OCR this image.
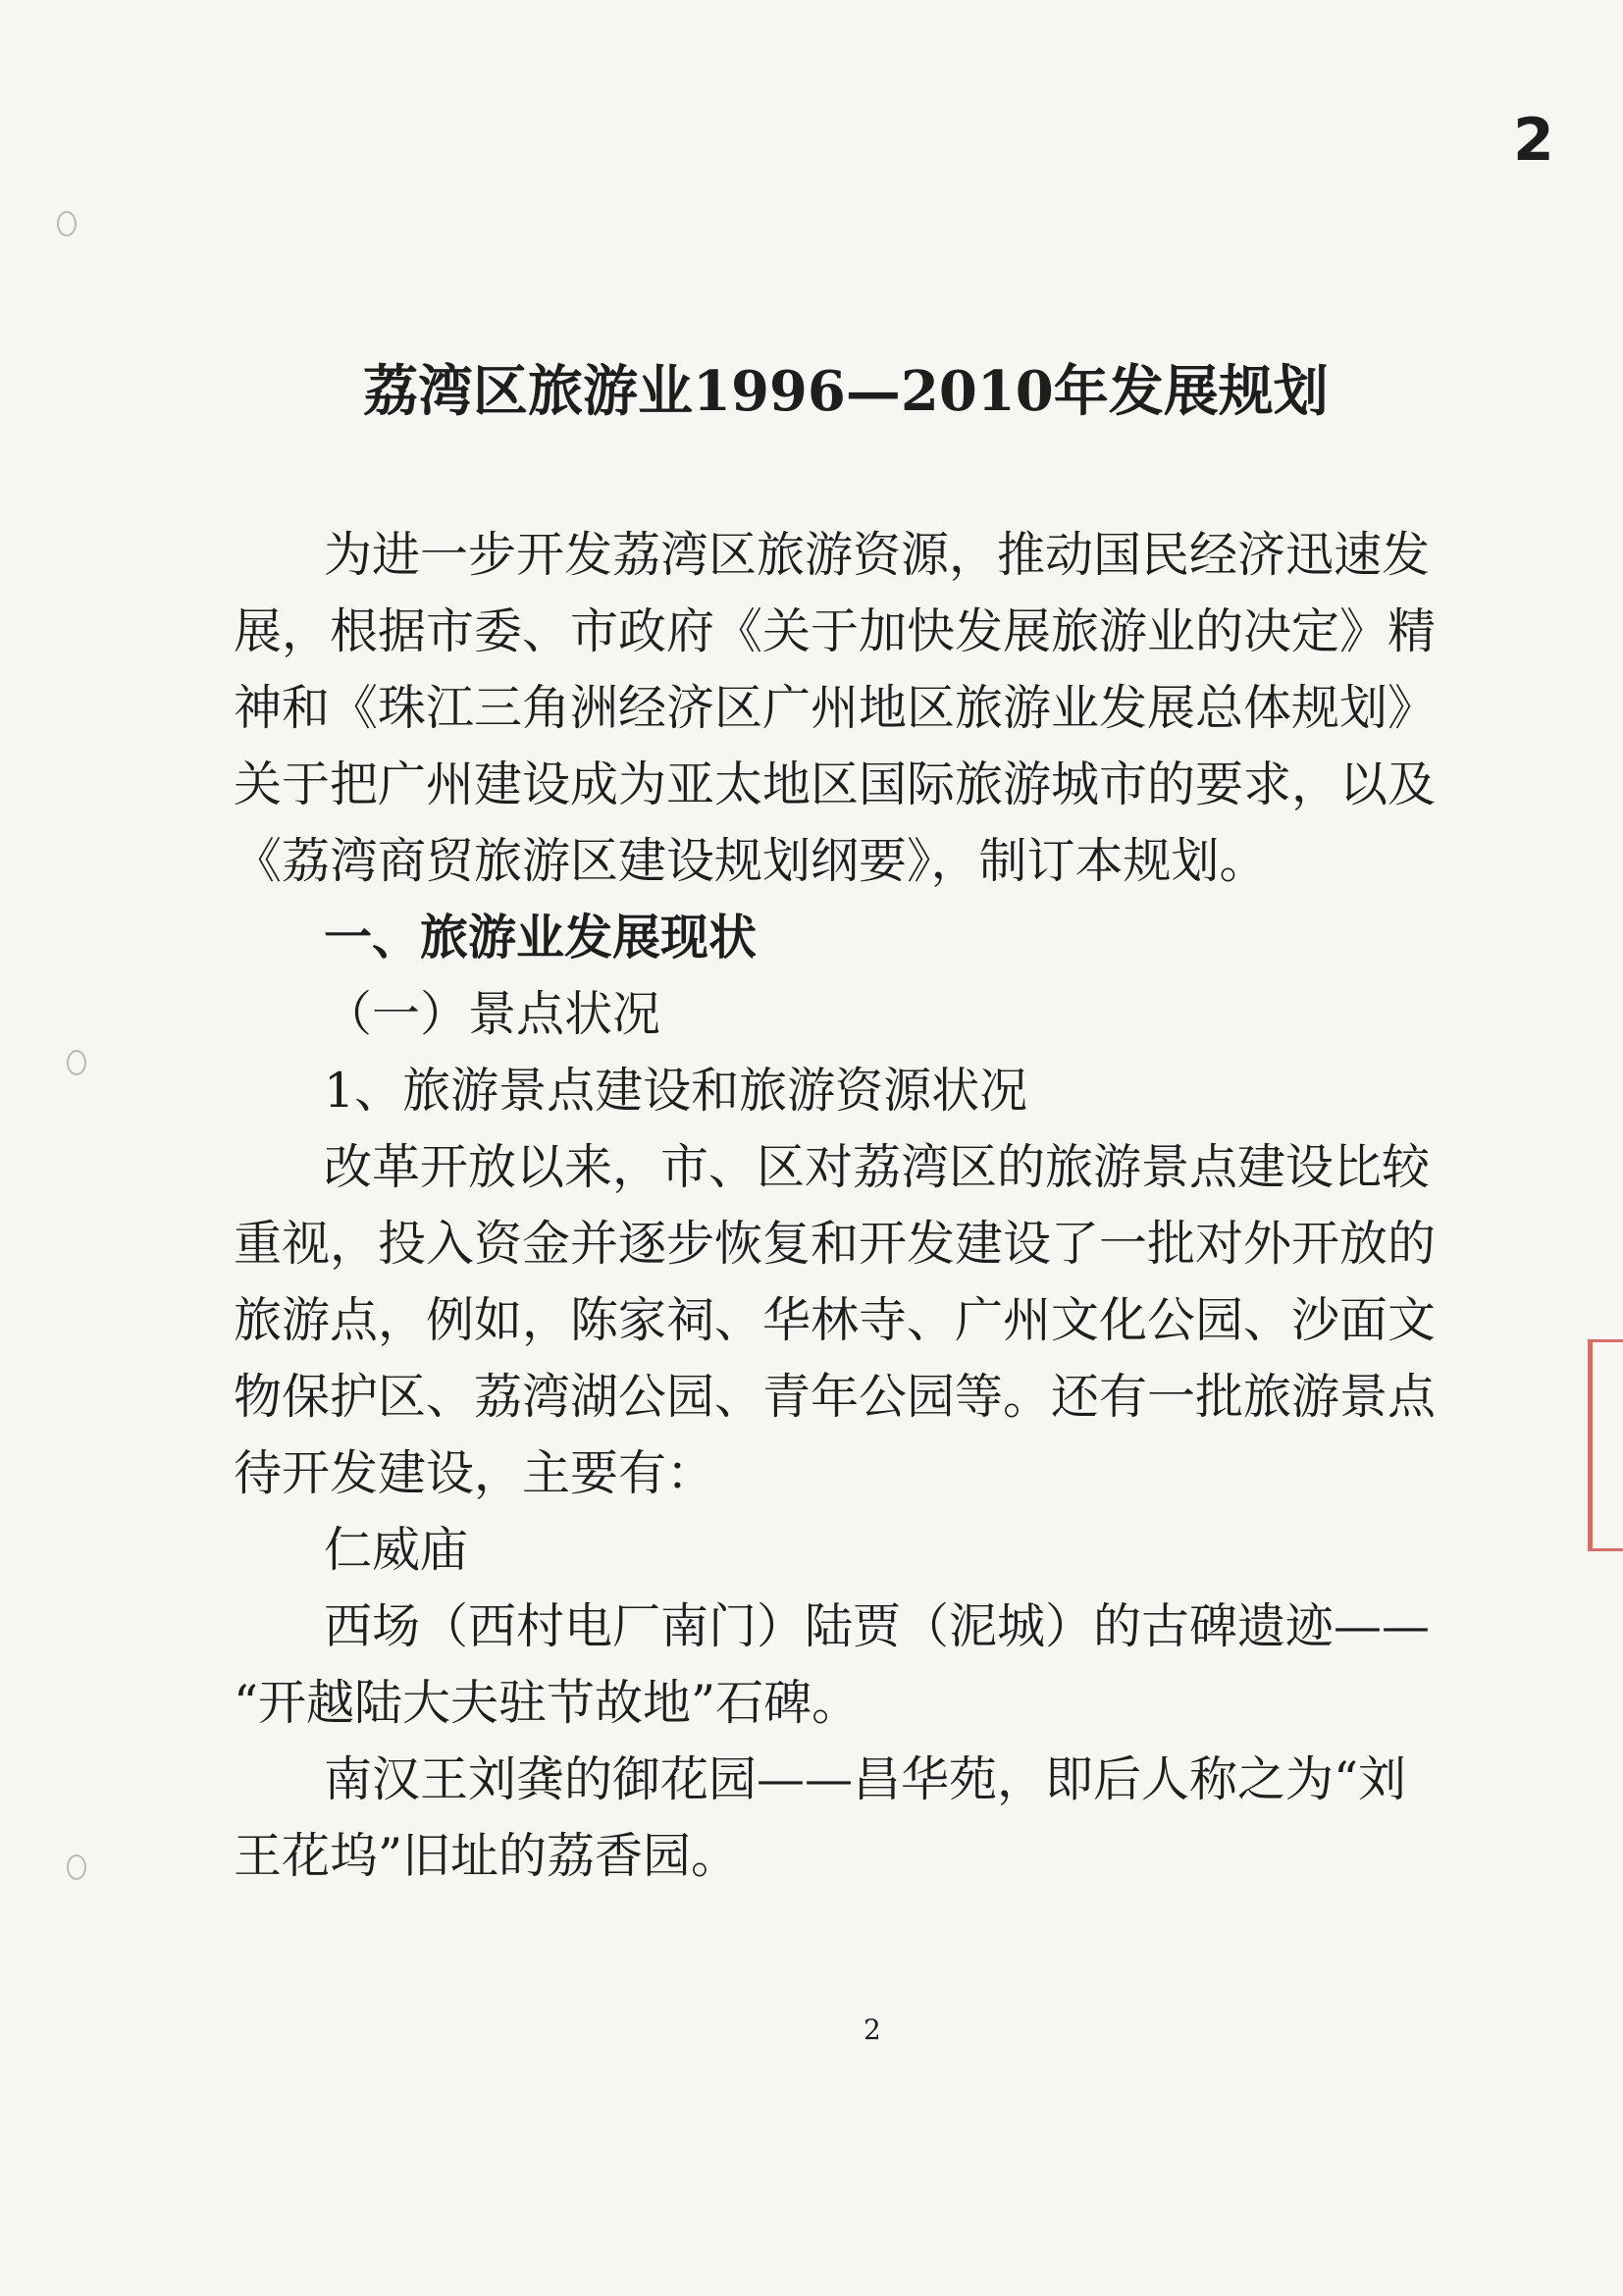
2
荔湾区旅游业1996—2010年发展规划
为进一步开发荔湾区旅游资源，推动国民经济迅速发
展，根据市委、市政府《关于加快发展旅游业的决定》精
神和《珠江三角洲经济区广州地区旅游业发展总体规划》
关于把广州建设成为亚太地区国际旅游城市的要求，以及
《荔湾商贸旅游区建设规划纲要》，制订本规划。
一、旅游业发展现状
（一）景点状况
1、旅游景点建设和旅游资源状况
改革开放以来，市、区对荔湾区的旅游景点建设比较
重视，投入资金并逐步恢复和开发建设了一批对外开放的
旅游点，例如，陈家祠、华林寺、广州文化公园、沙面文
物保护区、荔湾湖公园、青年公园等。还有一批旅游景点
待开发建设，主要有：
仁威庙
西场（西村电厂南门）陆贾（泥城）的古碑遗迹——
“开越陆大夫驻节故地”石碑。
南汉王刘龚的御花园——昌华苑，即后人称之为“刘
王花坞”旧址的荔香园。
2
